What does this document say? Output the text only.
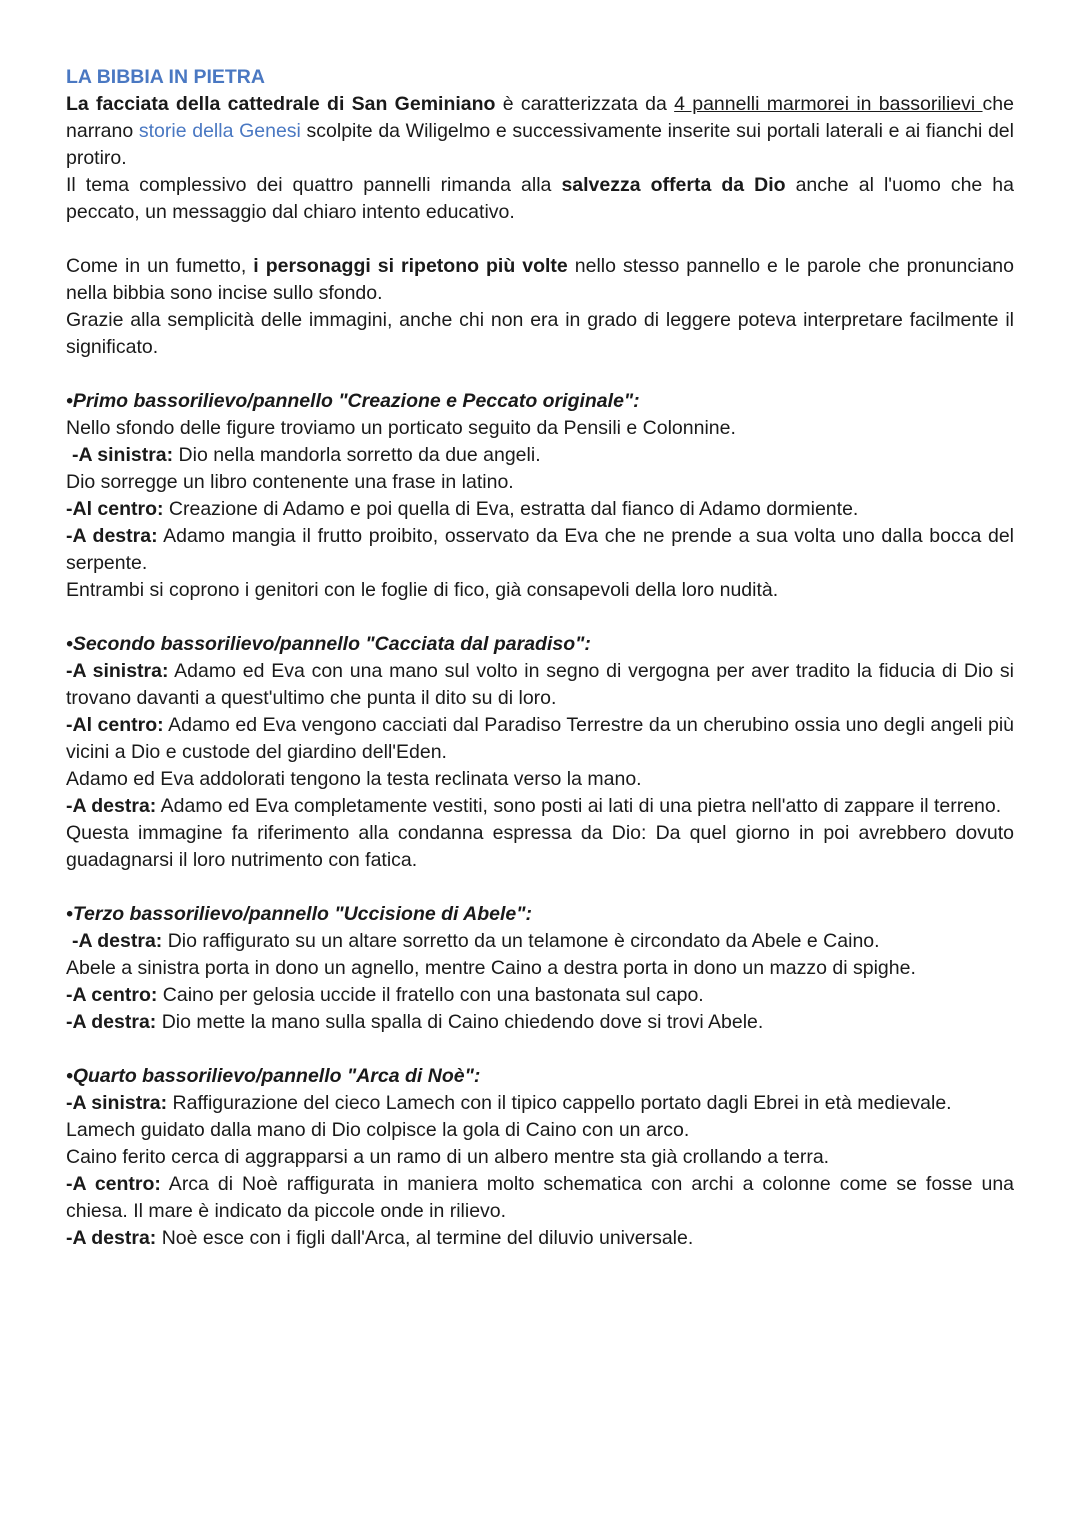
LA BIBBIA IN PIETRA

La facciata della cattedrale di San Geminiano è caratterizzata da 4 pannelli marmorei in bassorilievi che narrano storie della Genesi scolpite da Wiligelmo e successivamente inserite sui portali laterali e ai fianchi del protiro.

Il tema complessivo dei quattro pannelli rimanda alla salvezza offerta da Dio anche al l'uomo che ha peccato, un messaggio dal chiaro intento educativo.

Come in un fumetto, i personaggi si ripetono più volte nello stesso pannello e le parole che pronunciano nella bibbia sono incise sullo sfondo.

Grazie alla semplicità delle immagini, anche chi non era in grado di leggere poteva interpretare facilmente il significato.

•Primo bassorilievo/pannello "Creazione e Peccato originale":

Nello sfondo delle figure troviamo un porticato seguito da Pensili e Colonnine.

-A sinistra: Dio nella mandorla sorretto da due angeli.

Dio sorregge un libro contenente una frase in latino.

-Al centro: Creazione di Adamo e poi quella di Eva, estratta dal fianco di Adamo dormiente.

-A destra: Adamo mangia il frutto proibito, osservato da Eva che ne prende a sua volta uno dalla bocca del serpente.

Entrambi si coprono i genitori con le foglie di fico, già consapevoli della loro nudità.

•Secondo bassorilievo/pannello "Cacciata dal paradiso":

-A sinistra: Adamo ed Eva con una mano sul volto in segno di vergogna per aver tradito la fiducia di Dio si trovano davanti a quest'ultimo che punta il dito su di loro.

-Al centro: Adamo ed Eva vengono cacciati dal Paradiso Terrestre da un cherubino ossia uno degli angeli più vicini a Dio e custode del giardino dell'Eden.

Adamo ed Eva addolorati tengono la testa reclinata verso la mano.

-A destra: Adamo ed Eva completamente vestiti, sono posti ai lati di una pietra nell'atto di zappare il terreno.

Questa immagine fa riferimento alla condanna espressa da Dio: Da quel giorno in poi avrebbero dovuto guadagnarsi il loro nutrimento con fatica.

•Terzo bassorilievo/pannello "Uccisione di Abele":

-A destra: Dio raffigurato su un altare sorretto da un telamone è circondato da Abele e Caino.

Abele a sinistra porta in dono un agnello, mentre Caino a destra porta in dono un mazzo di spighe.

-A centro: Caino per gelosia uccide il fratello con una bastonata sul capo.

-A destra: Dio mette la mano sulla spalla di Caino chiedendo dove si trovi Abele.

•Quarto bassorilievo/pannello "Arca di Noè":

-A sinistra: Raffigurazione del cieco Lamech con il tipico cappello portato dagli Ebrei in età medievale.

Lamech guidato dalla mano di Dio colpisce la gola di Caino con un arco.

Caino ferito cerca di aggrapparsi a un ramo di un albero mentre sta già crollando a terra.

-A centro: Arca di Noè raffigurata in maniera molto schematica con archi a colonne come se fosse una chiesa. Il mare è indicato da piccole onde in rilievo.

-A destra: Noè esce con i figli dall'Arca, al termine del diluvio universale.
